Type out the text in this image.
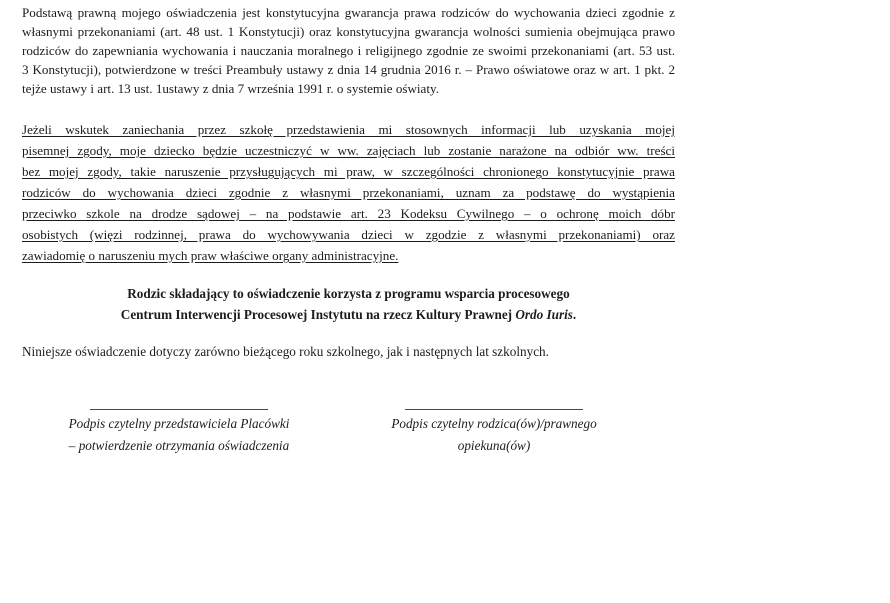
Podstawą prawną mojego oświadczenia jest konstytucyjna gwarancja prawa rodziców do wychowania dzieci zgodnie z
własnymi przekonaniami (art. 48 ust. 1 Konstytucji) oraz konstytucyjna gwarancja wolności sumienia obejmująca prawo
rodziców do zapewniania wychowania i nauczania moralnego i religijnego zgodnie ze swoimi przekonaniami (art. 53 ust.
3 Konstytucji), potwierdzone w treści Preambuły ustawy z dnia 14 grudnia 2016 r. – Prawo oświatowe oraz w art. 1 pkt. 2
tejże ustawy i art. 13 ust. 1ustawy z dnia 7 września 1991 r. o systemie oświaty.
Jeżeli wskutek zaniechania przez szkołę przedstawienia mi stosownych informacji lub uzyskania mojej
pisemnej zgody, moje dziecko będzie uczestniczyć w ww. zajęciach lub zostanie narażone na odbiór ww. treści
bez mojej zgody, takie naruszenie przysługujących mi praw, w szczególności chronionego konstytucyjnie prawa
rodziców do wychowania dzieci zgodnie z własnymi przekonaniami, uznam za podstawę do wystąpienia
przeciwko szkole na drodze sądowej – na podstawie art. 23 Kodeksu Cywilnego – o ochronę moich dóbr
osobistych (więzi rodzinnej, prawa do wychowywania dzieci w zgodzie z własnymi przekonaniami) oraz
zawiadomię o naruszeniu mych praw właściwe organy administracyjne.
Rodzic składający to oświadczenie korzysta z programu wsparcia procesowego
Centrum Interwencji Procesowej Instytutu na rzecz Kultury Prawnej Ordo Iuris.
Niniejsze oświadczenie dotyczy zarówno bieżącego roku szkolnego, jak i następnych lat szkolnych.
Podpis czytelny przedstawiciela Placówki
– potwierdzenie otrzymania oświadczenia
Podpis czytelny rodzica(ów)/prawnego
opiekuna(ów)
